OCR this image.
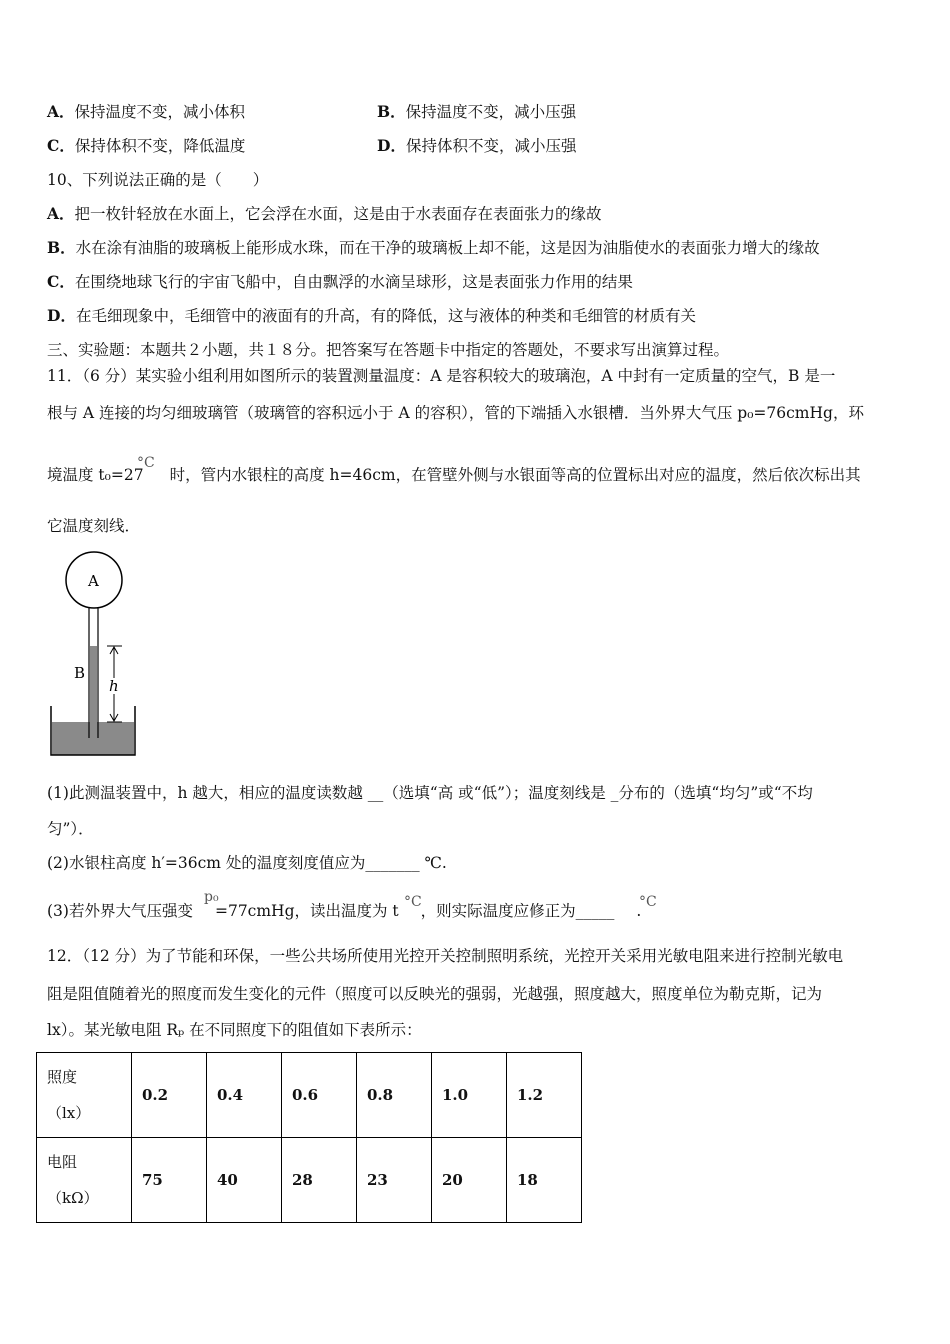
A．保持温度不变，减小体积	B．保持温度不变，减小压强
C．保持体积不变，降低温度	D．保持体积不变，减小压强
10、下列说法正确的是（　　）
A．把一枚针轻放在水面上，它会浮在水面，这是由于水表面存在表面张力的缘故
B．水在涂有油脂的玻璃板上能形成水珠，而在干净的玻璃板上却不能，这是因为油脂使水的表面张力增大的缘故
C．在围绕地球飞行的宇宙飞船中，自由飘浮的水滴呈球形，这是表面张力作用的结果
D．在毛细现象中，毛细管中的液面有的升高，有的降低，这与液体的种类和毛细管的材质有关
三、实验题：本题共２小题，共１８分。把答案写在答题卡中指定的答题处，不要求写出演算过程。
11．（6 分）某实验小组利用如图所示的装置测量温度：A 是容积较大的玻璃泡，A 中封有一定质量的空气，B 是一
根与 A 连接的均匀细玻璃管（玻璃管的容积远小于 A 的容积），管的下端插入水银槽．当外界大气压 p₀=76cmHg，环
境温度 t₀=27 时，管内水银柱的高度 h=46cm，在管壁外侧与水银面等高的位置标出对应的温度，然后依次标出其
°C
它温度刻线．
A
B
h
(1)此测温装置中，h 越大，相应的温度读数越 __（选填“高 或“低”）；温度刻线是 _分布的（选填“均匀”或“不均
匀”）．
(2)水银柱高度 h′=36cm 处的温度刻度值应为_______ ℃.
(3)若外界大气压强变 =77cmHg，读出温度为 t ，则实际温度应修正为_____ .
p₀	°C	°C
12．（12 分）为了节能和环保，一些公共场所使用光控开关控制照明系统，光控开关采用光敏电阻来进行控制光敏电
阻是阻值随着光的照度而发生变化的元件（照度可以反映光的强弱，光越强，照度越大，照度单位为勒克斯，记为
lx）。某光敏电阻 Rₚ 在不同照度下的阻值如下表所示：
照度
（lx）	0.2	0.4	0.6	0.8	1.0	1.2

电阻
（kΩ）	75	40	28	23	20	18
